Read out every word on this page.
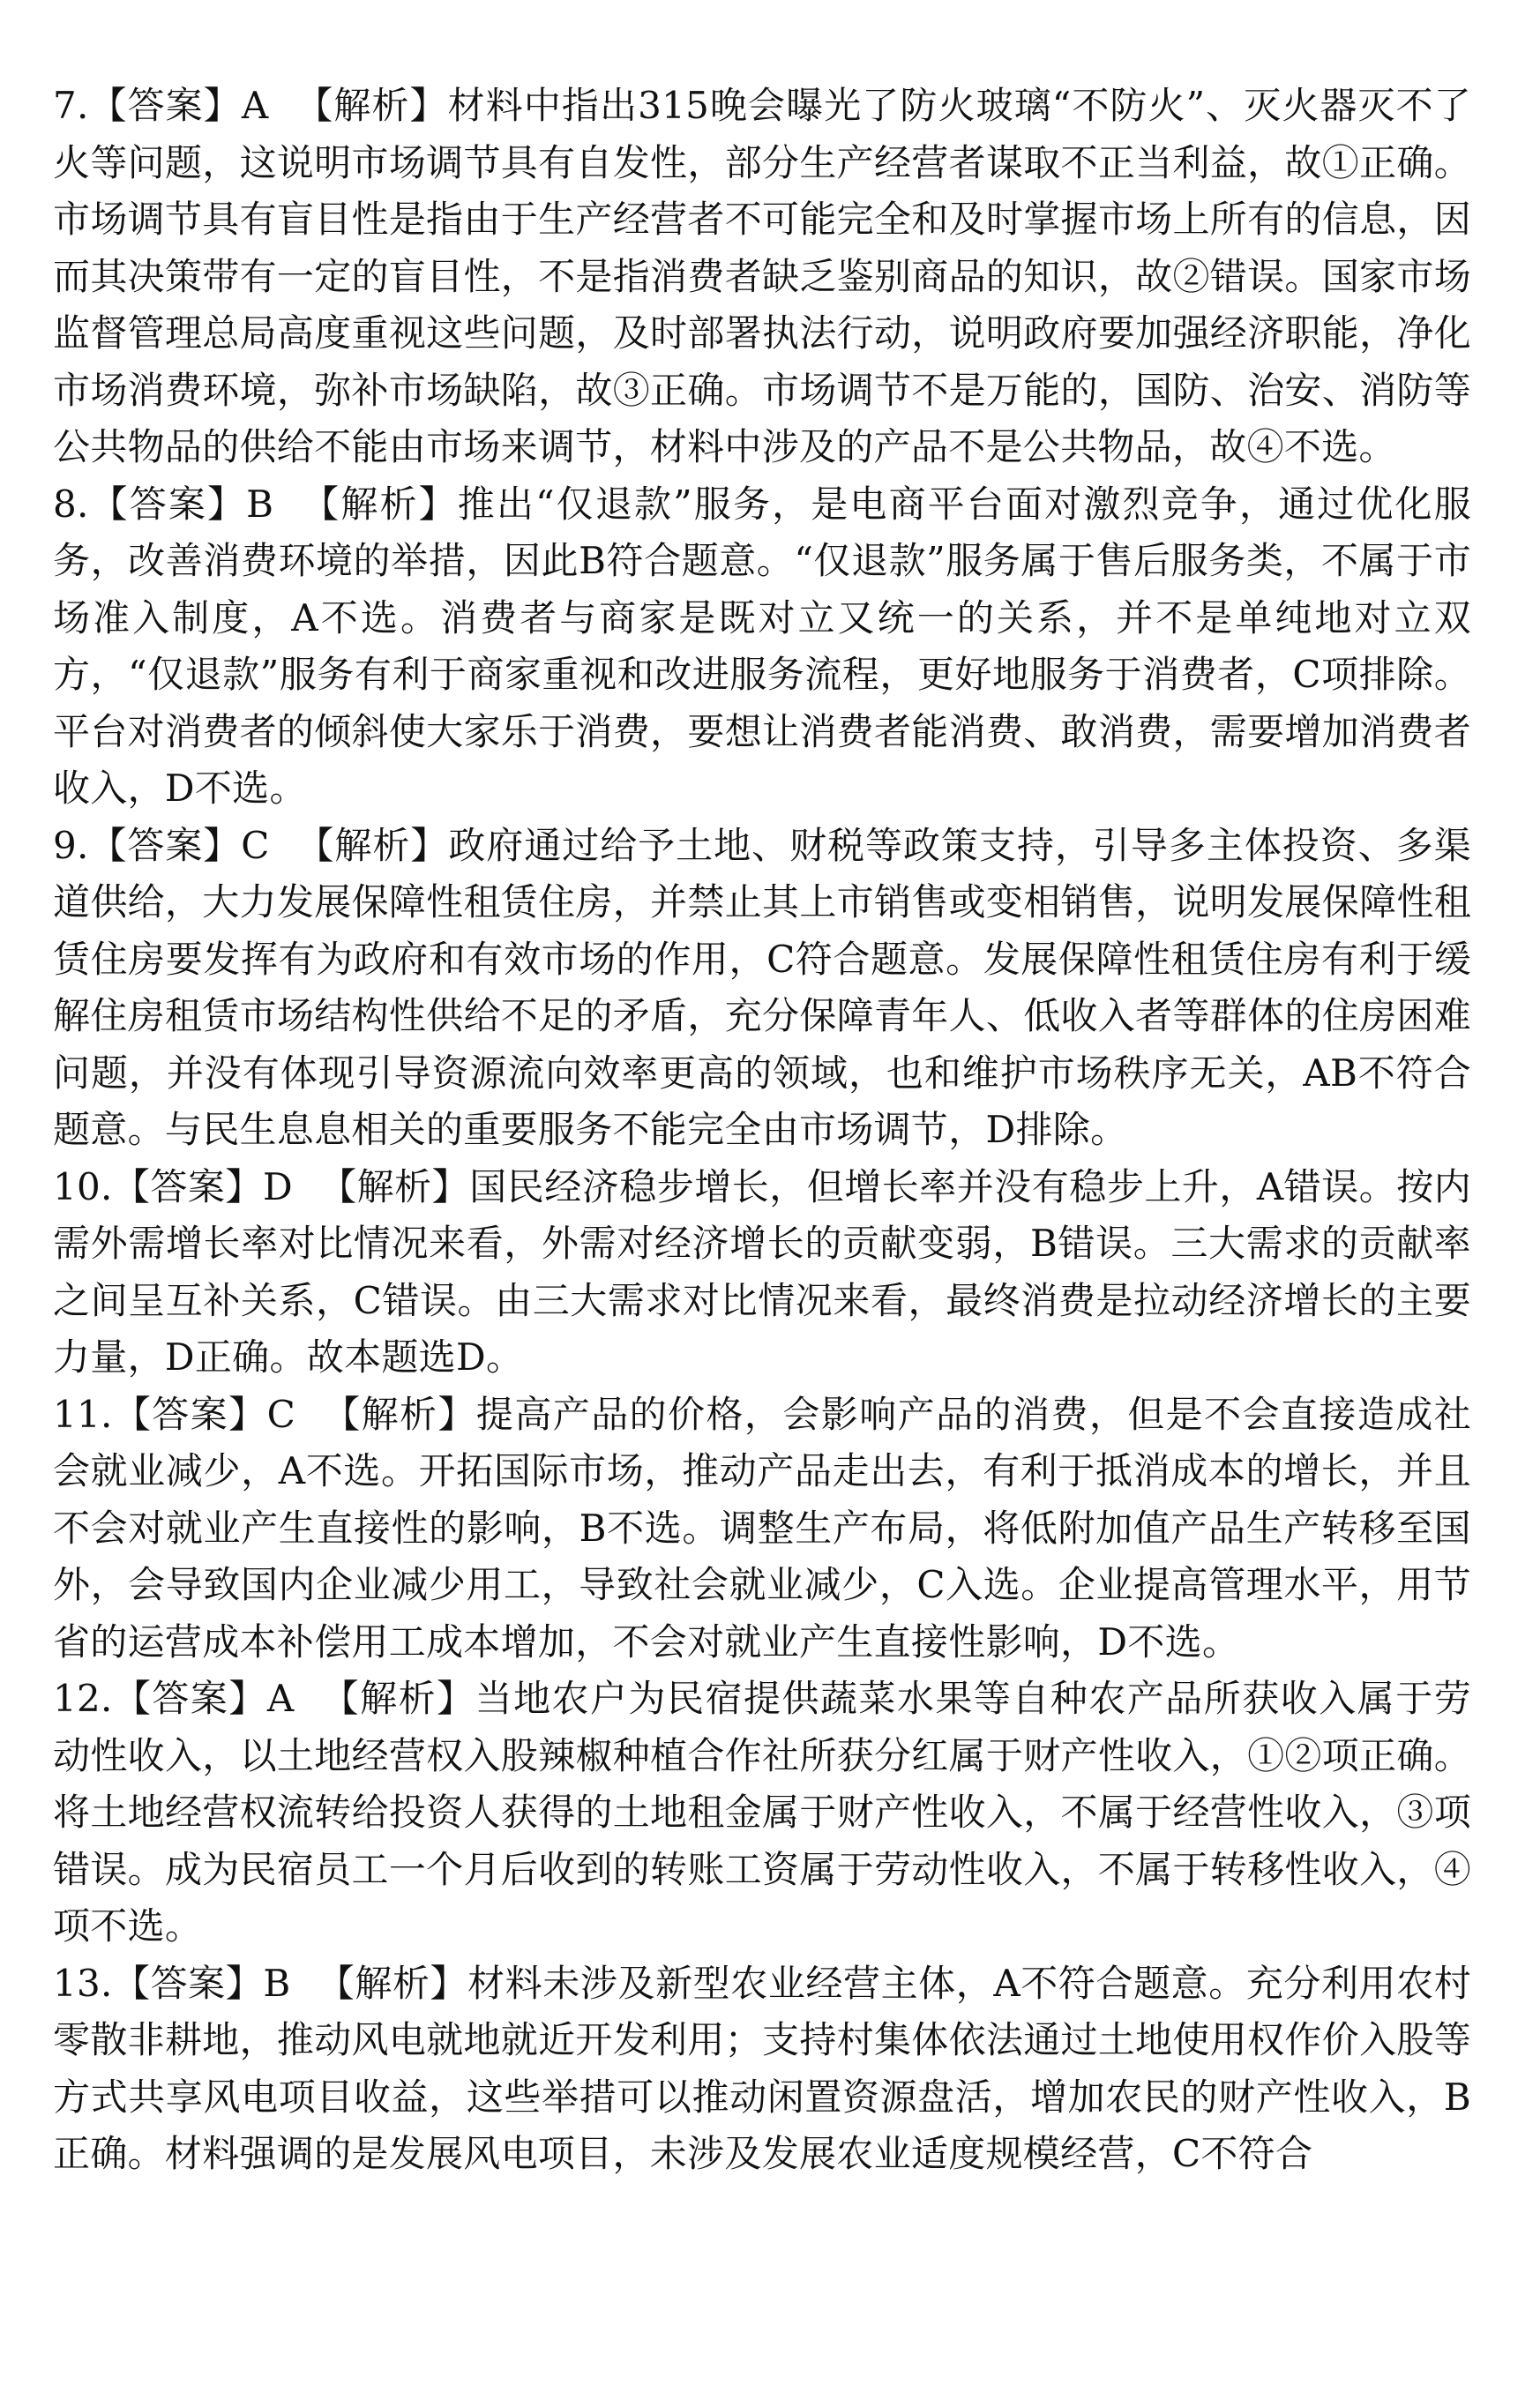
7.【答案】A 【解析】材料中指出315晚会曝光了防火玻璃“不防火”、灭火器灭不了火等问题，这说明市场调节具有自发性，部分生产经营者谋取不正当利益，故①正确。市场调节具有盲目性是指由于生产经营者不可能完全和及时掌握市场上所有的信息，因而其决策带有一定的盲目性，不是指消费者缺乏鉴别商品的知识，故②错误。国家市场监督管理总局高度重视这些问题，及时部署执法行动，说明政府要加强经济职能，净化市场消费环境，弥补市场缺陷，故③正确。市场调节不是万能的，国防、治安、消防等公共物品的供给不能由市场来调节，材料中涉及的产品不是公共物品，故④不选。

8.【答案】B 【解析】推出“仅退款”服务，是电商平台面对激烈竞争，通过优化服务，改善消费环境的举措，因此B符合题意。“仅退款”服务属于售后服务类，不属于市场准入制度，A不选。消费者与商家是既对立又统一的关系，并不是单纯地对立双方，“仅退款”服务有利于商家重视和改进服务流程，更好地服务于消费者，C项排除。平台对消费者的倾斜使大家乐于消费，要想让消费者能消费、敢消费，需要增加消费者收入，D不选。

9.【答案】C 【解析】政府通过给予土地、财税等政策支持，引导多主体投资、多渠道供给，大力发展保障性租赁住房，并禁止其上市销售或变相销售，说明发展保障性租赁住房要发挥有为政府和有效市场的作用，C符合题意。发展保障性租赁住房有利于缓解住房租赁市场结构性供给不足的矛盾，充分保障青年人、低收入者等群体的住房困难问题，并没有体现引导资源流向效率更高的领域，也和维护市场秩序无关，AB不符合题意。与民生息息相关的重要服务不能完全由市场调节，D排除。

10.【答案】D 【解析】国民经济稳步增长，但增长率并没有稳步上升，A错误。按内需外需增长率对比情况来看，外需对经济增长的贡献变弱，B错误。三大需求的贡献率之间呈互补关系，C错误。由三大需求对比情况来看，最终消费是拉动经济增长的主要力量，D正确。故本题选D。

11.【答案】C 【解析】提高产品的价格，会影响产品的消费，但是不会直接造成社会就业减少，A不选。开拓国际市场，推动产品走出去，有利于抵消成本的增长，并且不会对就业产生直接性的影响，B不选。调整生产布局，将低附加值产品生产转移至国外，会导致国内企业减少用工，导致社会就业减少，C入选。企业提高管理水平，用节省的运营成本补偿用工成本增加，不会对就业产生直接性影响，D不选。

12.【答案】A 【解析】当地农户为民宿提供蔬菜水果等自种农产品所获收入属于劳动性收入，以土地经营权入股辣椒种植合作社所获分红属于财产性收入，①②项正确。将土地经营权流转给投资人获得的土地租金属于财产性收入，不属于经营性收入，③项错误。成为民宿员工一个月后收到的转账工资属于劳动性收入，不属于转移性收入，④项不选。

13.【答案】B 【解析】材料未涉及新型农业经营主体，A不符合题意。充分利用农村零散非耕地，推动风电就地就近开发利用；支持村集体依法通过土地使用权作价入股等方式共享风电项目收益，这些举措可以推动闲置资源盘活，增加农民的财产性收入，B正确。材料强调的是发展风电项目，未涉及发展农业适度规模经营，C不符合
